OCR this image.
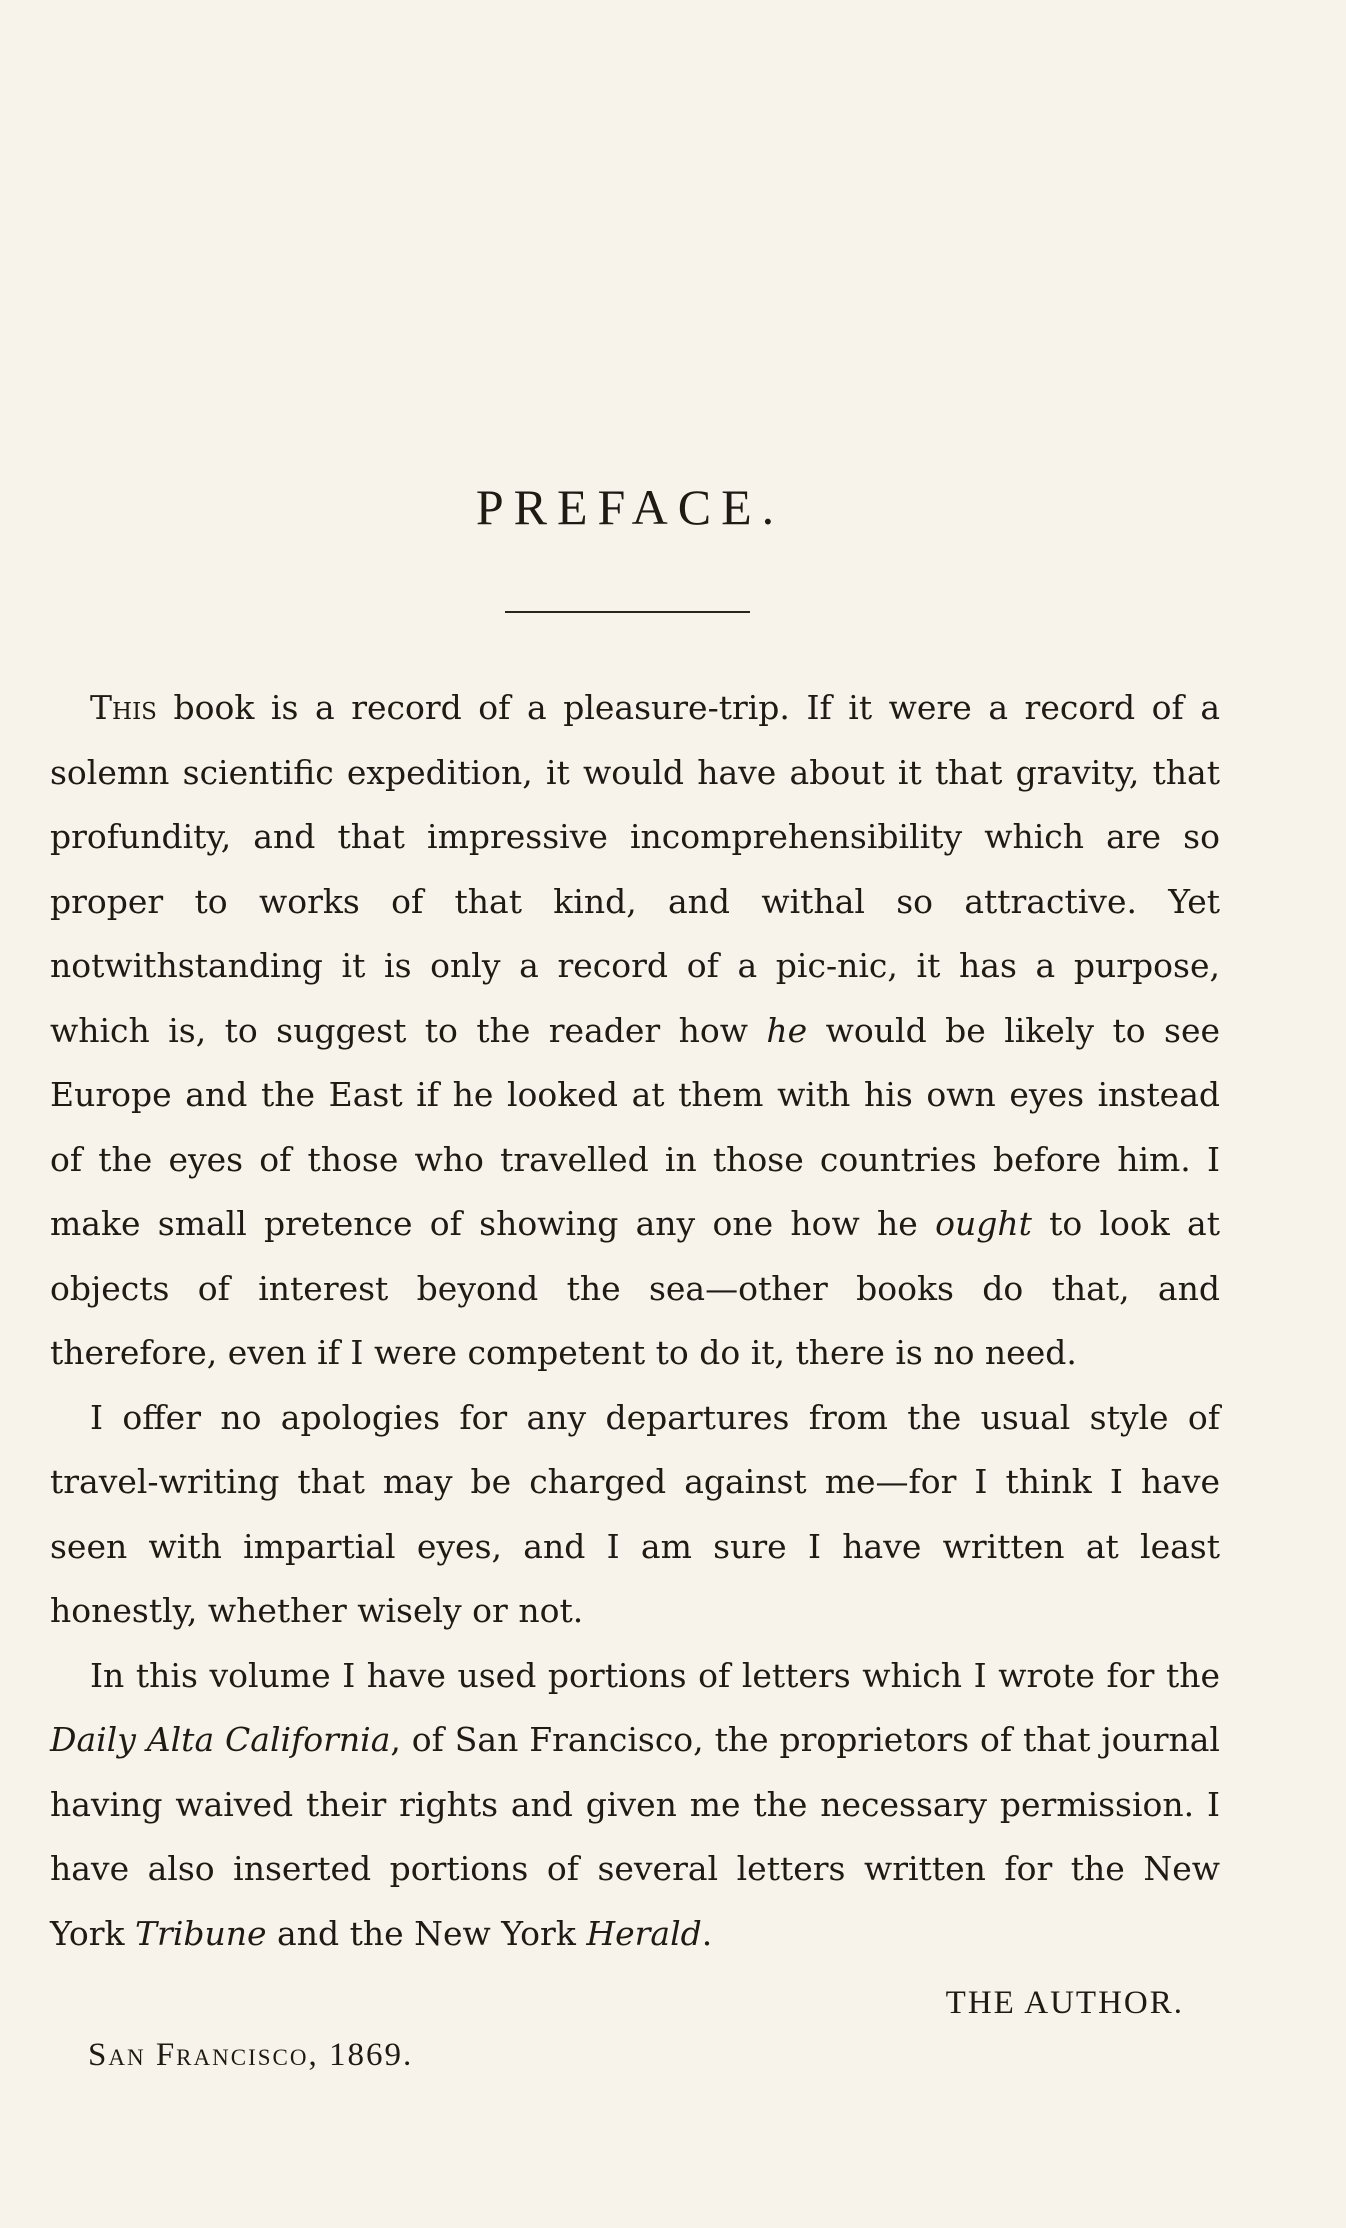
PREFACE.

This book is a record of a pleasure-trip. If it were a record of a solemn scientific expedition, it would have about it that gravity, that profundity, and that impressive incomprehensibility which are so proper to works of that kind, and withal so attractive. Yet notwithstanding it is only a record of a pic-nic, it has a purpose, which is, to suggest to the reader how he would be likely to see Europe and the East if he looked at them with his own eyes instead of the eyes of those who travelled in those countries before him. I make small pretence of showing any one how he ought to look at objects of interest beyond the sea—other books do that, and therefore, even if I were competent to do it, there is no need.

I offer no apologies for any departures from the usual style of travel-writing that may be charged against me—for I think I have seen with impartial eyes, and I am sure I have written at least honestly, whether wisely or not.

In this volume I have used portions of letters which I wrote for the Daily Alta California, of San Francisco, the proprietors of that journal having waived their rights and given me the necessary permission. I have also inserted portions of several letters written for the New York Tribune and the New York Herald.

THE AUTHOR.
San Francisco, 1869.
